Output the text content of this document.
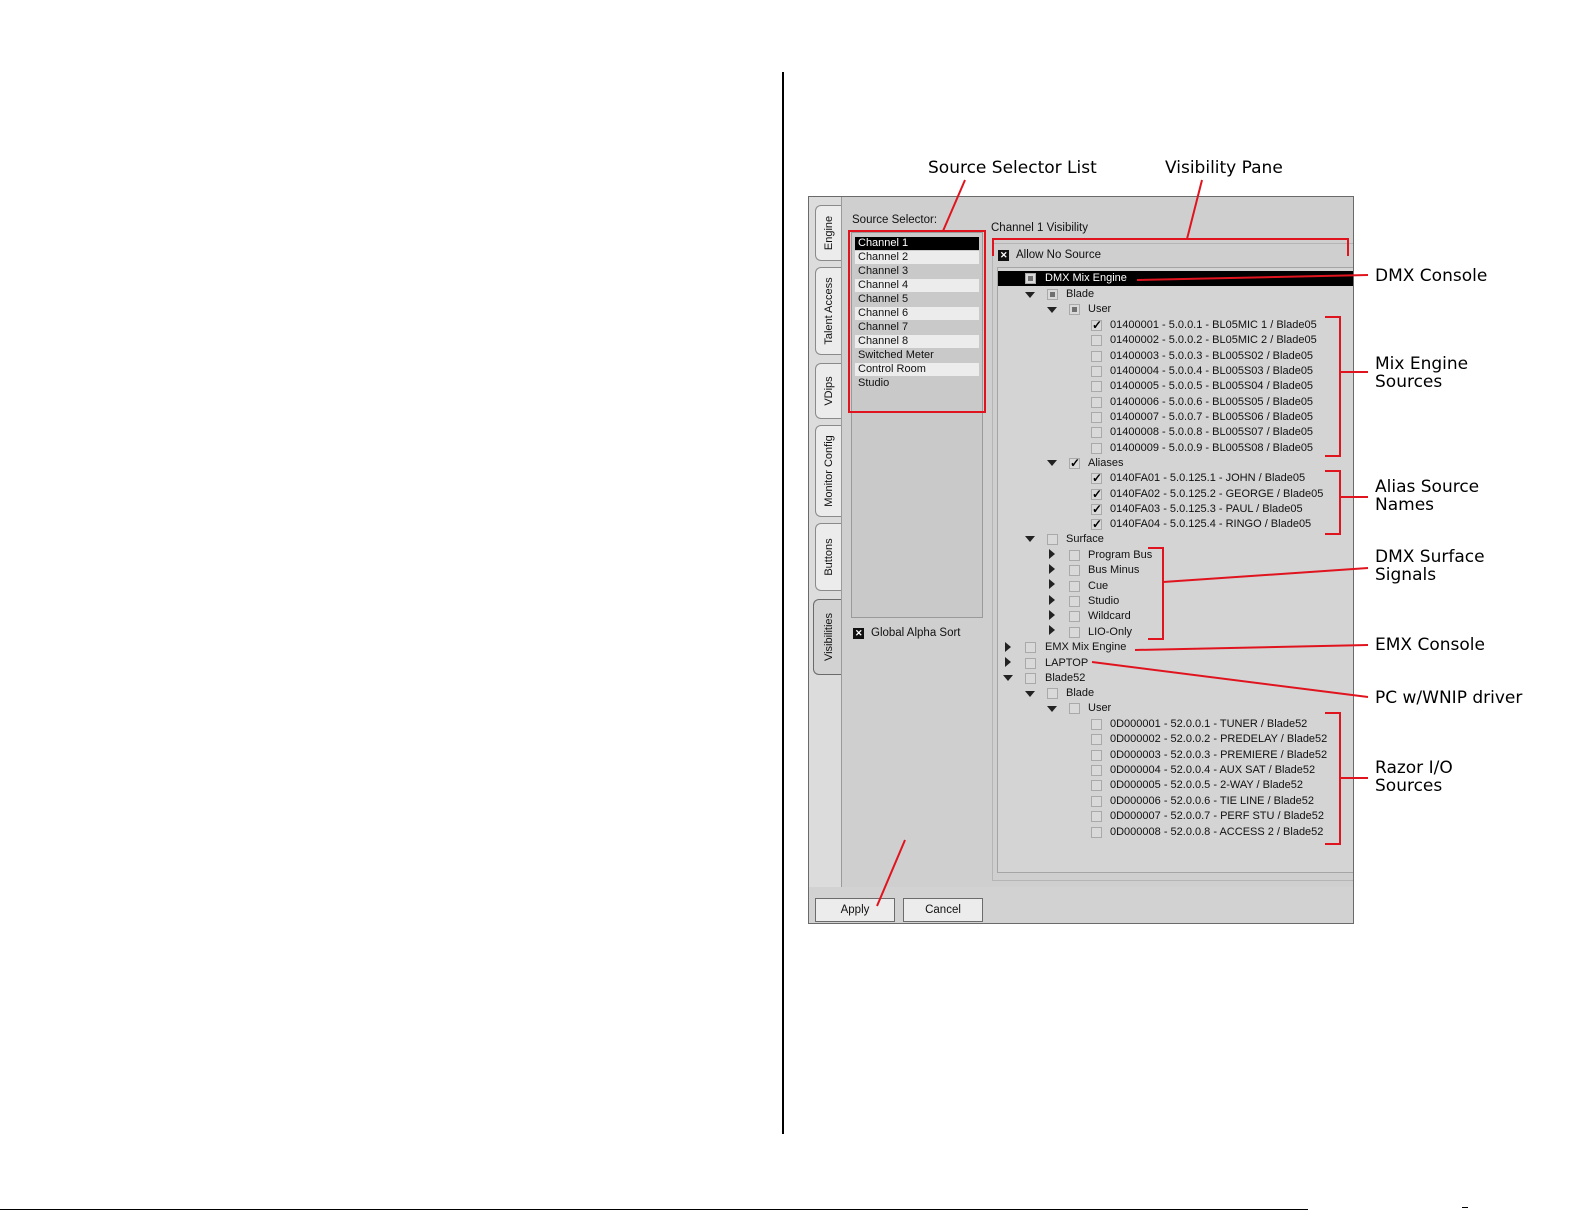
Source Selector List	Visibility Pane
DMX Console
Mix Engine
Sources
Alias Source
Names
DMX Surface
Signals
EMX Console
PC w/WNIP driver
Razor I/O
Sources
Engine
Talent Access
VDips
Monitor Config
Buttons
Visibilities
Source Selector:
Channel 1
Channel 2
Channel 3
Channel 4
Channel 5
Channel 6
Channel 7
Channel 8
Switched Meter
Control Room
Studio
✕
Global Alpha Sort
Channel 1 Visibility
✕
Allow No Source
DMX Mix Engine
Blade
User
✓
01400001 - 5.0.0.1 - BL05MIC 1 / Blade05
01400002 - 5.0.0.2 - BL05MIC 2 / Blade05
01400003 - 5.0.0.3 - BL005S02 / Blade05
01400004 - 5.0.0.4 - BL005S03 / Blade05
01400005 - 5.0.0.5 - BL005S04 / Blade05
01400006 - 5.0.0.6 - BL005S05 / Blade05
01400007 - 5.0.0.7 - BL005S06 / Blade05
01400008 - 5.0.0.8 - BL005S07 / Blade05
01400009 - 5.0.0.9 - BL005S08 / Blade05
✓
Aliases
✓
0140FA01 - 5.0.125.1 - JOHN / Blade05
✓
0140FA02 - 5.0.125.2 - GEORGE / Blade05
✓
0140FA03 - 5.0.125.3 - PAUL / Blade05
✓
0140FA04 - 5.0.125.4 - RINGO / Blade05
Surface
Program Bus
Bus Minus
Cue
Studio
Wildcard
LIO-Only
EMX Mix Engine
LAPTOP
Blade52
Blade
User
0D000001 - 52.0.0.1 - TUNER / Blade52
0D000002 - 52.0.0.2 - PREDELAY / Blade52
0D000003 - 52.0.0.3 - PREMIERE / Blade52
0D000004 - 52.0.0.4 - AUX SAT / Blade52
0D000005 - 52.0.0.5 - 2-WAY / Blade52
0D000006 - 52.0.0.6 - TIE LINE / Blade52
0D000007 - 52.0.0.7 - PERF STU / Blade52
0D000008 - 52.0.0.8 - ACCESS 2 / Blade52
Apply	Cancel
